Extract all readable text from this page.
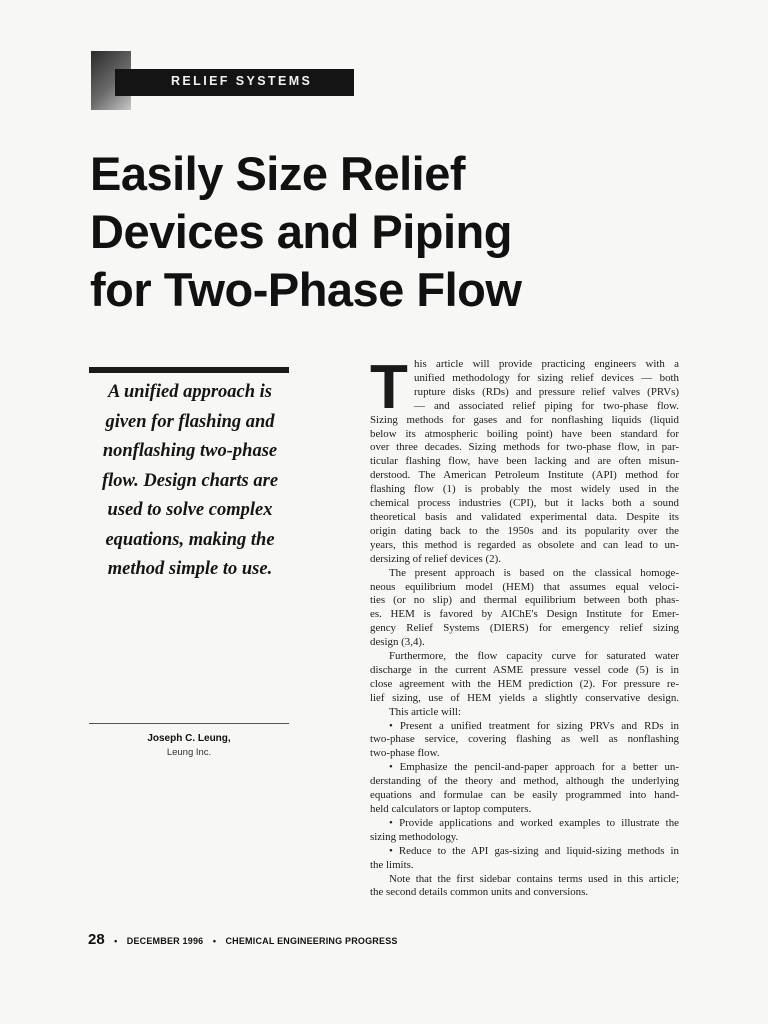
RELIEF SYSTEMS
Easily Size Relief
Devices and Piping
for Two-Phase Flow
A unified approach is
given for flashing and
nonflashing two-phase
flow. Design charts are
used to solve complex
equations, making the
method simple to use.
Joseph C. Leung,
Leung Inc.
T his article will provide practicing engineers with a
unified methodology for sizing relief devices — both
rupture disks (RDs) and pressure relief valves (PRVs)
— and associated relief piping for two-phase flow.
Sizing methods for gases and for nonflashing liquids (liquid
below its atmospheric boiling point) have been standard for
over three decades. Sizing methods for two-phase flow, in par-
ticular flashing flow, have been lacking and are often misun-
derstood. The American Petroleum Institute (API) method for
flashing flow (1) is probably the most widely used in the
chemical process industries (CPI), but it lacks both a sound
theoretical basis and validated experimental data. Despite its
origin dating back to the 1950s and its popularity over the
years, this method is regarded as obsolete and can lead to un-
dersizing of relief devices (2).
The present approach is based on the classical homoge-
neous equilibrium model (HEM) that assumes equal veloci-
ties (or no slip) and thermal equilibrium between both phas-
es. HEM is favored by AIChE's Design Institute for Emer-
gency Relief Systems (DIERS) for emergency relief sizing
design (3,4).
Furthermore, the flow capacity curve for saturated water
discharge in the current ASME pressure vessel code (5) is in
close agreement with the HEM prediction (2). For pressure re-
lief sizing, use of HEM yields a slightly conservative design.
This article will:
• Present a unified treatment for sizing PRVs and RDs in
two-phase service, covering flashing as well as nonflashing
two-phase flow.
• Emphasize the pencil-and-paper approach for a better un-
derstanding of the theory and method, although the underlying
equations and formulae can be easily programmed into hand-
held calculators or laptop computers.
• Provide applications and worked examples to illustrate the
sizing methodology.
• Reduce to the API gas-sizing and liquid-sizing methods in
the limits.
Note that the first sidebar contains terms used in this article;
the second details common units and conversions.
28 • DECEMBER 1996 • CHEMICAL ENGINEERING PROGRESS
